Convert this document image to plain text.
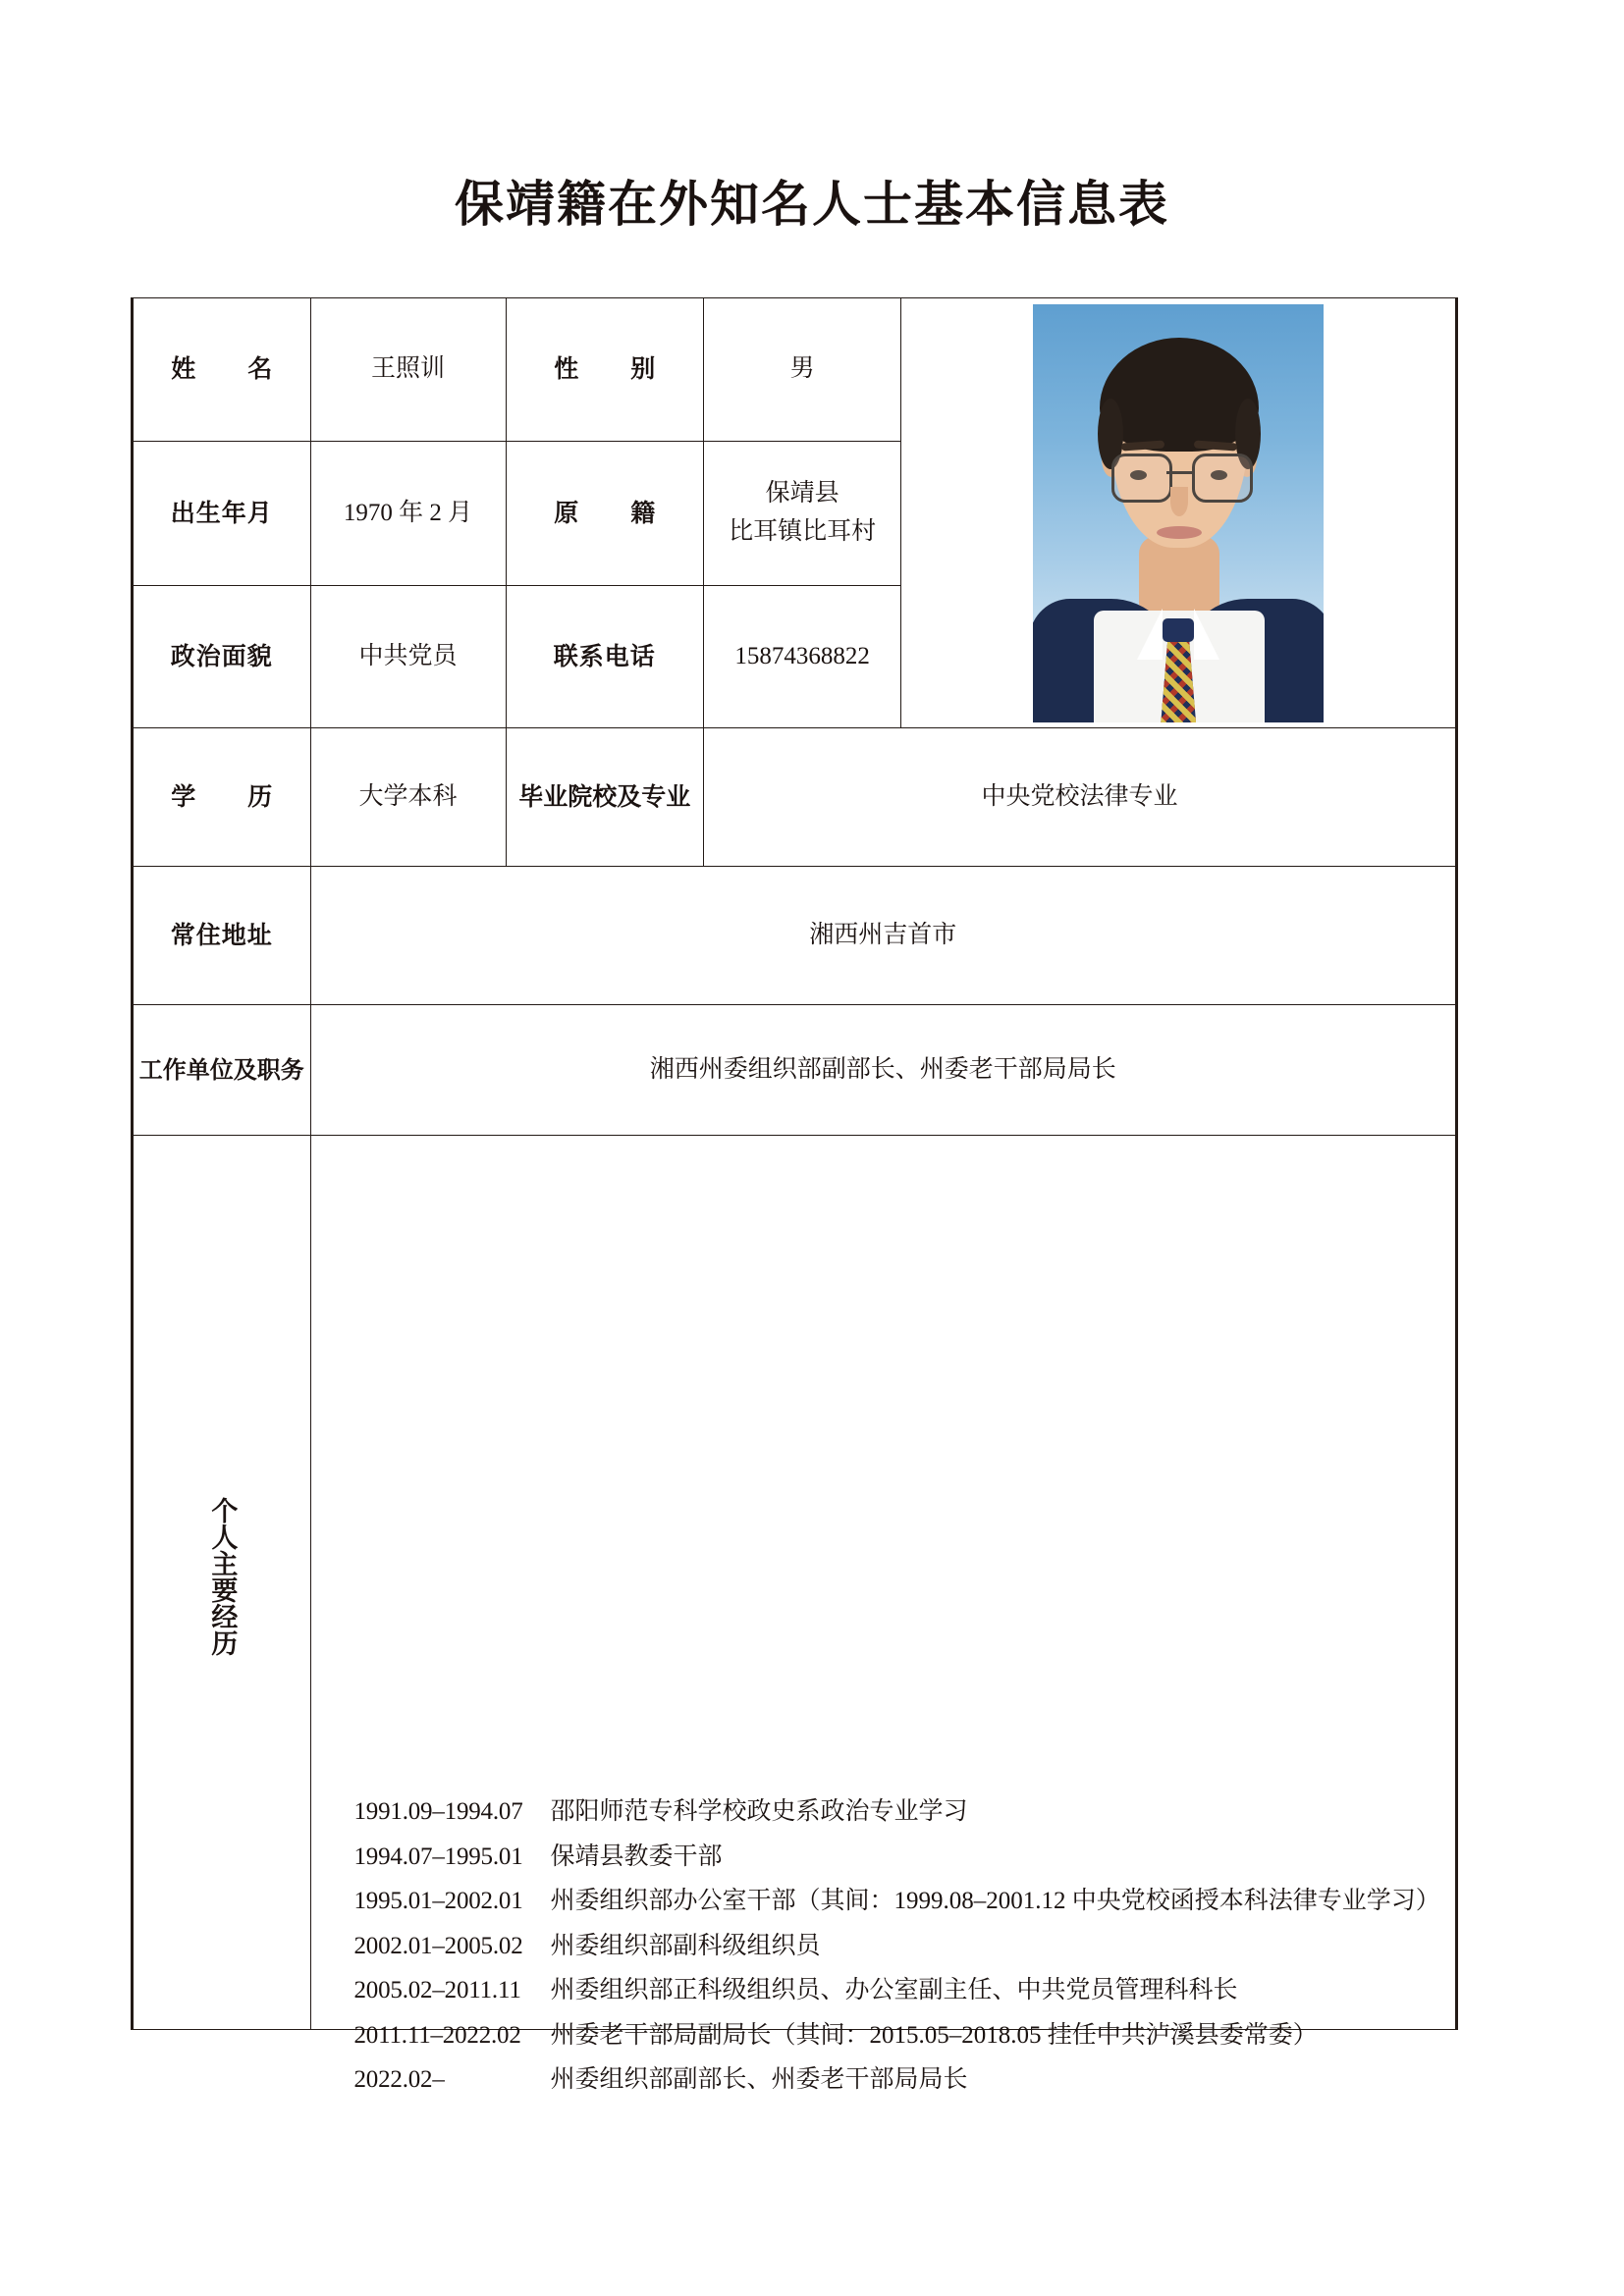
保靖籍在外知名人士基本信息表
姓　名	王照训	性　别	男	

出生年月	1970 年 2 月	原　籍	保靖县
比耳镇比耳村	

政治面貌	中共党员	联系电话	15874368822	
学　历	大学本科	毕业院校及专业	中央党校法律专业	
常住地址	湘西州吉首市			
工作单位及职务	湘西州委组织部副部长、州委老干部局局长			
个人主要经历	
1991.09–1994.07	邵阳师范专科学校政史系政治专业学习
1994.07–1995.01	保靖县教委干部
1995.01–2002.01	州委组织部办公室干部（其间：1999.08–2001.12 中央党校函授本科法律专业学习）
2002.01–2005.02	州委组织部副科级组织员
2005.02–2011.11	州委组织部正科级组织员、办公室副主任、中共党员管理科科长
2011.11–2022.02	州委老干部局副局长（其间：2015.05–2018.05 挂任中共泸溪县委常委）
2022.02–	州委组织部副部长、州委老干部局局长
